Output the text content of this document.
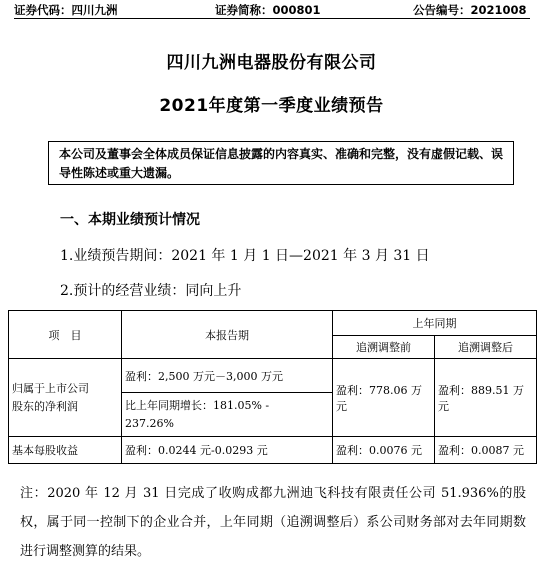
证券代码：四川九洲	证券简称：000801	公告编号：2021008
四川九洲电器股份有限公司
2021年度第一季度业绩预告
本公司及董事会全体成员保证信息披露的内容真实、准确和完整，没有虚假记载、误导性陈述或重大遗漏。
一、本期业绩预计情况
1.业绩预告期间：2021 年 1 月 1 日—2021 年 3 月 31 日
2.预计的经营业绩：同向上升
项　目	本报告期	上年同期	
		追溯调整前	追溯调整后

归属于上市公司
股东的净利润	盈利：2,500 万元－3,000 万元	盈利：778.06 万元	盈利：889.51 万元

	比上年同期增长：181.05% -
237.26%		

基本每股收益	盈利：0.0244 元-0.0293 元	盈利：0.0076 元	盈利：0.0087 元
注：2020 年 12 月 31 日完成了收购成都九洲迪飞科技有限责任公司 51.936%的股权，属于同一控制下的企业合并，上年同期（追溯调整后）系公司财务部对去年同期数进行调整测算的结果。
